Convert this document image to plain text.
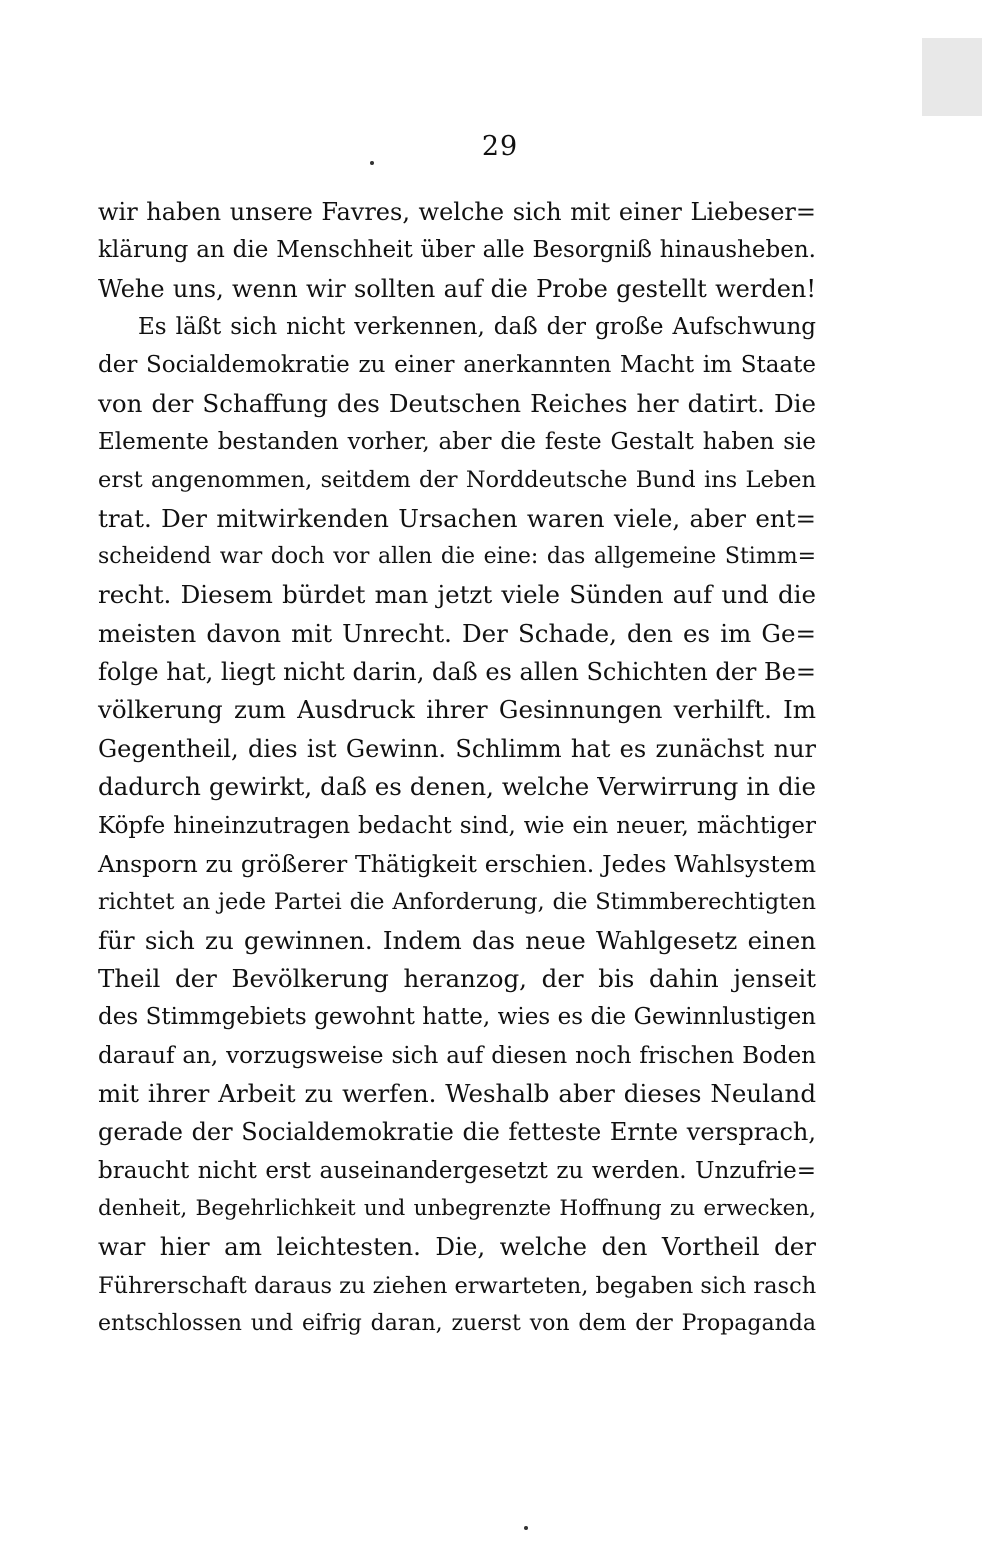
29
wir haben unsere Favres, welche sich mit einer Liebeser=
klärung an die Menschheit über alle Besorgniß hinausheben.
Wehe uns, wenn wir sollten auf die Probe gestellt werden!
Es läßt sich nicht verkennen, daß der große Aufschwung
der Socialdemokratie zu einer anerkannten Macht im Staate
von der Schaffung des Deutschen Reiches her datirt. Die
Elemente bestanden vorher, aber die feste Gestalt haben sie
erst angenommen, seitdem der Norddeutsche Bund ins Leben
trat. Der mitwirkenden Ursachen waren viele, aber ent=
scheidend war doch vor allen die eine: das allgemeine Stimm=
recht. Diesem bürdet man jetzt viele Sünden auf und die
meisten davon mit Unrecht. Der Schade, den es im Ge=
folge hat, liegt nicht darin, daß es allen Schichten der Be=
völkerung zum Ausdruck ihrer Gesinnungen verhilft. Im
Gegentheil, dies ist Gewinn. Schlimm hat es zunächst nur
dadurch gewirkt, daß es denen, welche Verwirrung in die
Köpfe hineinzutragen bedacht sind, wie ein neuer, mächtiger
Ansporn zu größerer Thätigkeit erschien. Jedes Wahlsystem
richtet an jede Partei die Anforderung, die Stimmberechtigten
für sich zu gewinnen. Indem das neue Wahlgesetz einen
Theil der Bevölkerung heranzog, der bis dahin jenseit
des Stimmgebiets gewohnt hatte, wies es die Gewinnlustigen
darauf an, vorzugsweise sich auf diesen noch frischen Boden
mit ihrer Arbeit zu werfen. Weshalb aber dieses Neuland
gerade der Socialdemokratie die fetteste Ernte versprach,
braucht nicht erst auseinandergesetzt zu werden. Unzufrie=
denheit, Begehrlichkeit und unbegrenzte Hoffnung zu erwecken,
war hier am leichtesten. Die, welche den Vortheil der
Führerschaft daraus zu ziehen erwarteten, begaben sich rasch
entschlossen und eifrig daran, zuerst von dem der Propaganda
